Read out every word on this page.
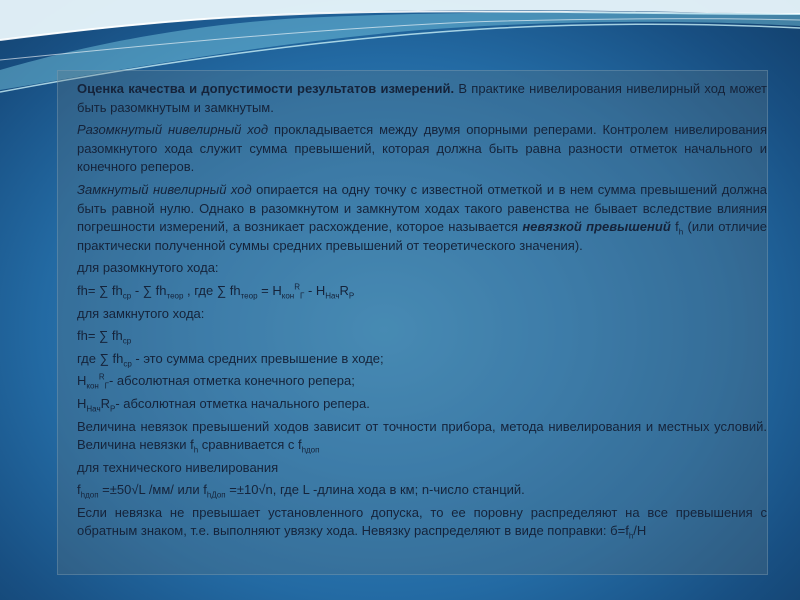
Оценка качества и допустимости результатов измерений. В практике нивелирования нивелирный ход может быть разомкнутым и замкнутым.

Разомкнутый нивелирный ход прокладывается между двумя опорными реперами. Контролем нивелирования разомкнутого хода служит сумма превышений, которая должна быть равна разности отметок начального и конечного реперов.

Замкнутый нивелирный ход опирается на одну точку с известной отметкой и в нем сумма превышений должна быть равной нулю. Однако в разомкнутом и замкнутом ходах такого равенства не бывает вследствие влияния погрешности измерений, а возникает расхождение, которое называется невязкой превышений $f_h$ (или отличие практически полученной суммы средних превышений от теоретического значения).

для разомкнутого хода:

fh= ∑ $fh_{ср}$ - ∑ $fh_{теор}$ , где ∑ $fh_{теор} = Н_{кон}^R_Г - Н_{Нач}R_Р$

для замкнутого хода:

fh= ∑ $fh_{ср}$

где ∑ $fh_{ср}$ - это сумма средних превышение в ходе;

$Н_{кон}^R_Г-$ абсолютная отметка конечного репера;

$Н_{Нач}R_Р-$ абсолютная отметка начального репера.

Величина невязок превышений ходов зависит от точности прибора, метода нивелирования и местных условий. Величина невязки $f_h$ сравнивается с $f_{hдоп}$

для технического нивелирования

$f_{hдоп} =\pm 50√L$ /мм/ или $f_{hДоп} =\pm 10√n$, где L -длина хода в км; n-число станций.

Если невязка не превышает установленного допуска, то ее поровну распределяют на все превышения с обратным знаком, т.е. выполняют увязку хода. Невязку распределяют в виде поправки: $б=f_h/Н$
